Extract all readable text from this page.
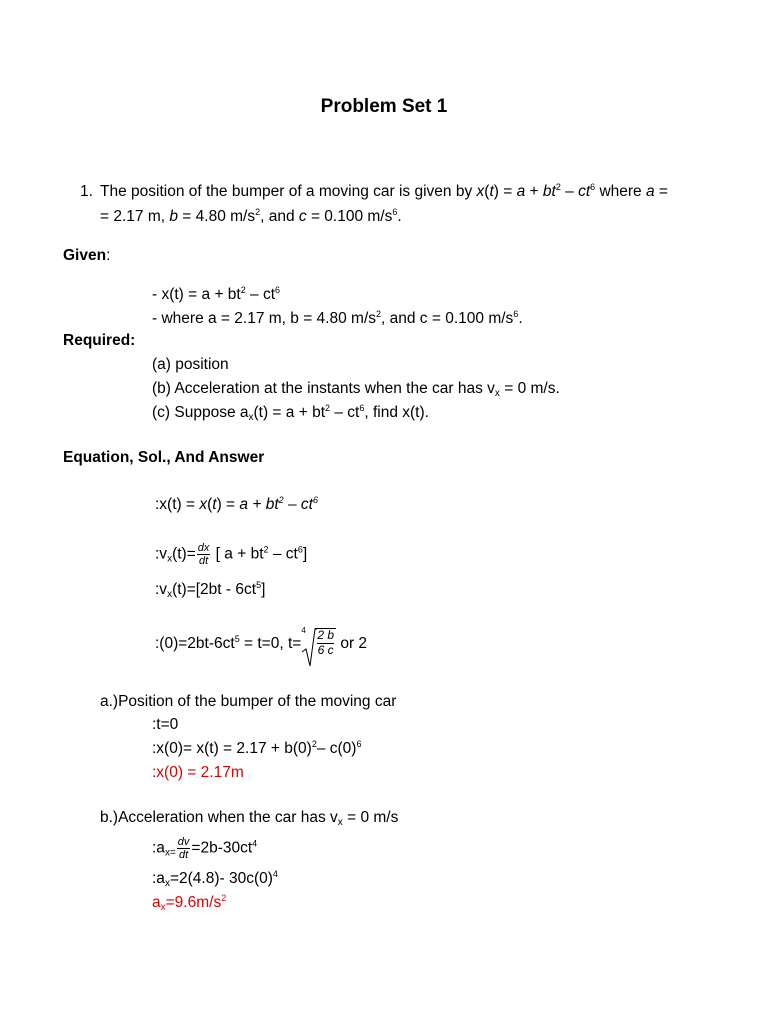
Problem Set 1
1. The position of the bumper of a moving car is given by $x(t) = a + bt^2 - ct^6$ where a =
= 2.17 m, b = 4.80 $m/s^2$, and c = 0.100 $m/s^6$.
Given:
- $x(t) = a + bt^2 - ct^6$
- where a = 2.17 m, b = 4.80 $m/s^2$, and c = 0.100 $m/s^6$.
Required:
(a) position
(b) Acceleration at the instants when the car has $v_x = 0$ m/s.
(c) Suppose $a_x(t) = a + bt^2 - ct^6$, find x(t).
Equation, Sol., And Answer
:x(t) = $x(t) = a + bt^2 - ct^6$
$:v_x(t)= \frac{dx}{dt}$ [ $a + bt^2 - ct^6$]
$:v_x(t)=[2bt - 6ct^5]$
$:(0)=2bt-6ct^5 = t=0$, t=
$4 \frac{2 b}{6 c}$ or 2
a.)Position of the bumper of the moving car
:t=0
:x(0)= $x(t) = 2.17 + b(0)^2-$ $c(0)^6$
:x(0) = 2.17m
b.)Acceleration when the car has $v_x = 0$ m/s
$:a_{x=} \frac{dv}{dt} =2b-30ct^4$
$:a_x=2(4.8)-$ $30c(0)^4$
$a_x=9.6m/s^2$
